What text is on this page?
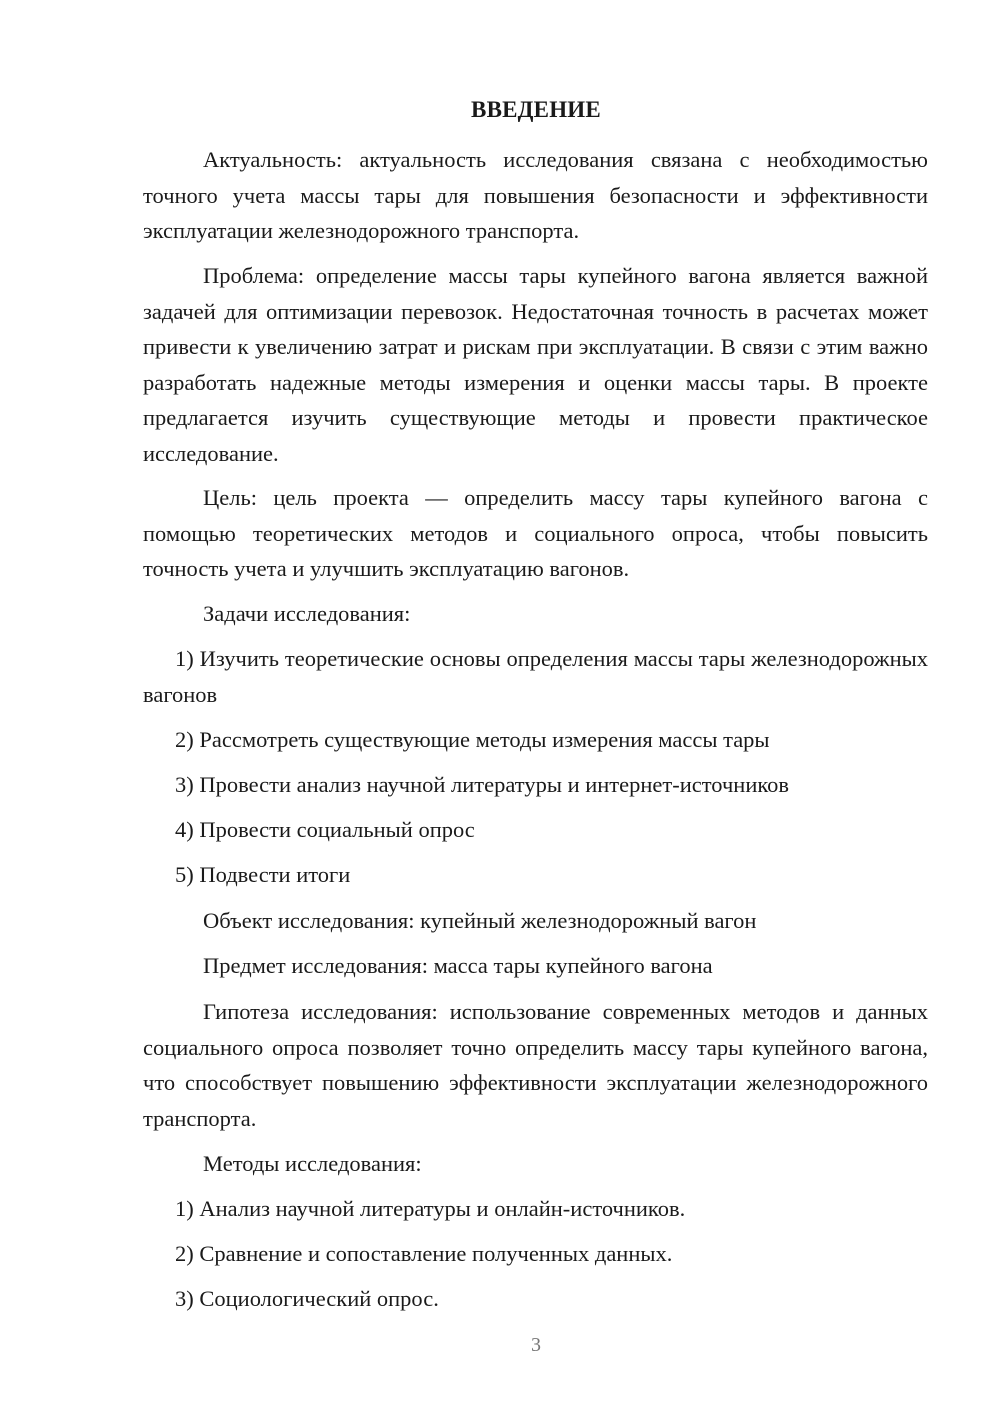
ВВЕДЕНИЕ
Актуальность: актуальность исследования связана с необходимостью точного учета массы тары для повышения безопасности и эффективности эксплуатации железнодорожного транспорта.
Проблема: определение массы тары купейного вагона является важной задачей для оптимизации перевозок. Недостаточная точность в расчетах может привести к увеличению затрат и рискам при эксплуатации. В связи с этим важно разработать надежные методы измерения и оценки массы тары. В проекте предлагается изучить существующие методы и провести практическое исследование.
Цель: цель проекта — определить массу тары купейного вагона с помощью теоретических методов и социального опроса, чтобы повысить точность учета и улучшить эксплуатацию вагонов.
Задачи исследования:
1) Изучить теоретические основы определения массы тары железнодорожных вагонов
2) Рассмотреть существующие методы измерения массы тары
3) Провести анализ научной литературы и интернет-источников
4) Провести социальный опрос
5) Подвести итоги
Объект исследования: купейный железнодорожный вагон
Предмет исследования: масса тары купейного вагона
Гипотеза исследования: использование современных методов и данных социального опроса позволяет точно определить массу тары купейного вагона, что способствует повышению эффективности эксплуатации железнодорожного транспорта.
Методы исследования:
1) Анализ научной литературы и онлайн-источников.
2) Сравнение и сопоставление полученных данных.
3) Социологический опрос.
3
